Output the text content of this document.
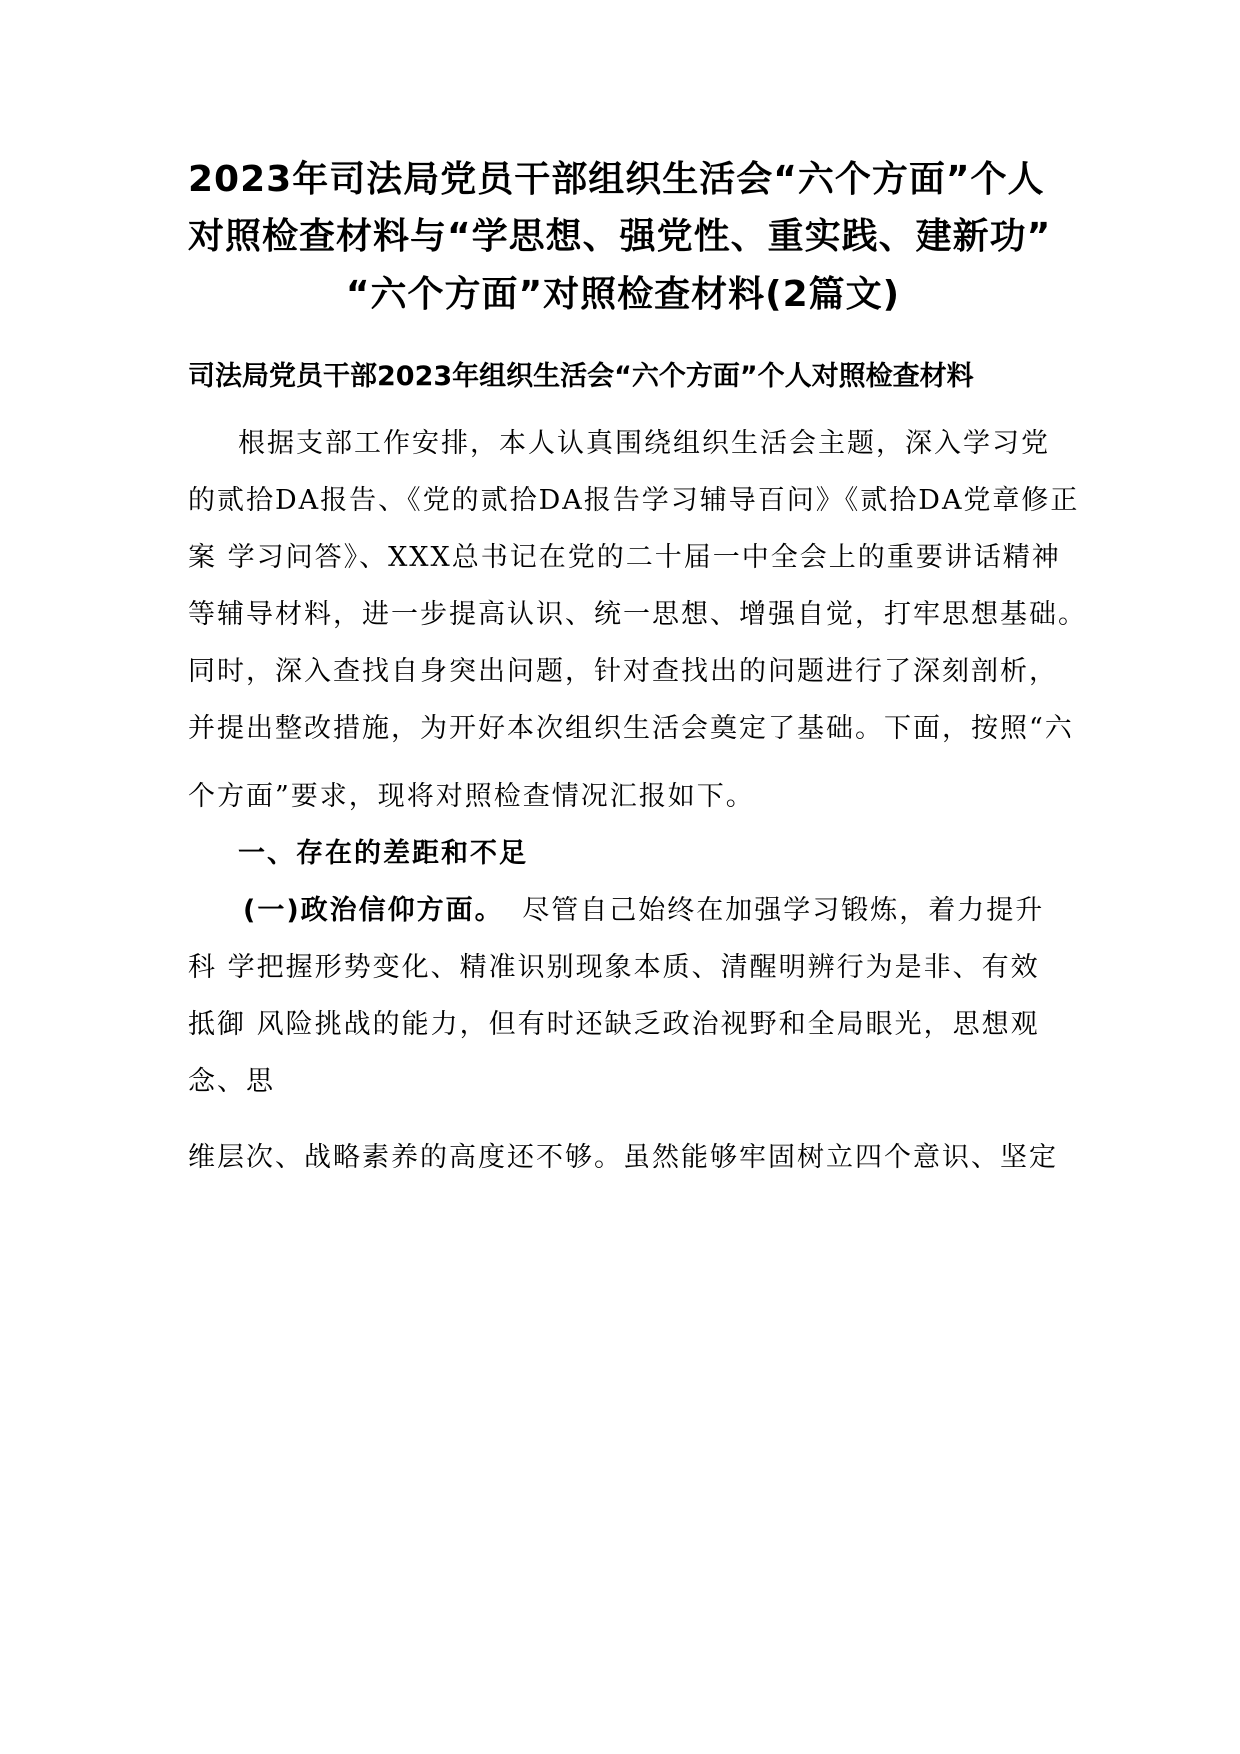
2023年司法局党员干部组织生活会“六个方面”个人
对照检查材料与“学思想、强党性、重实践、建新功”
“六个方面”对照检查材料(2篇文)
司法局党员干部2023年组织生活会“六个方面”个人对照检查材料
根据支部工作安排，本人认真围绕组织生活会主题，深入学习党
的贰拾DA报告、《党的贰拾DA报告学习辅导百问》《贰拾DA党章修正
案 学习问答》、XXX总书记在党的二十届一中全会上的重要讲话精神
等辅导材料，进一步提高认识、统一思想、增强自觉，打牢思想基础。
同时，深入查找自身突出问题，针对查找出的问题进行了深刻剖析，
并提出整改措施，为开好本次组织生活会奠定了基础。下面，按照“六
个方面”要求，现将对照检查情况汇报如下。
一、存在的差距和不足
(一)政治信仰方面。 尽管自己始终在加强学习锻炼，着力提升
科 学把握形势变化、精准识别现象本质、清醒明辨行为是非、有效
抵御 风险挑战的能力，但有时还缺乏政治视野和全局眼光，思想观
念、思
维层次、战略素养的高度还不够。虽然能够牢固树立四个意识、坚定
